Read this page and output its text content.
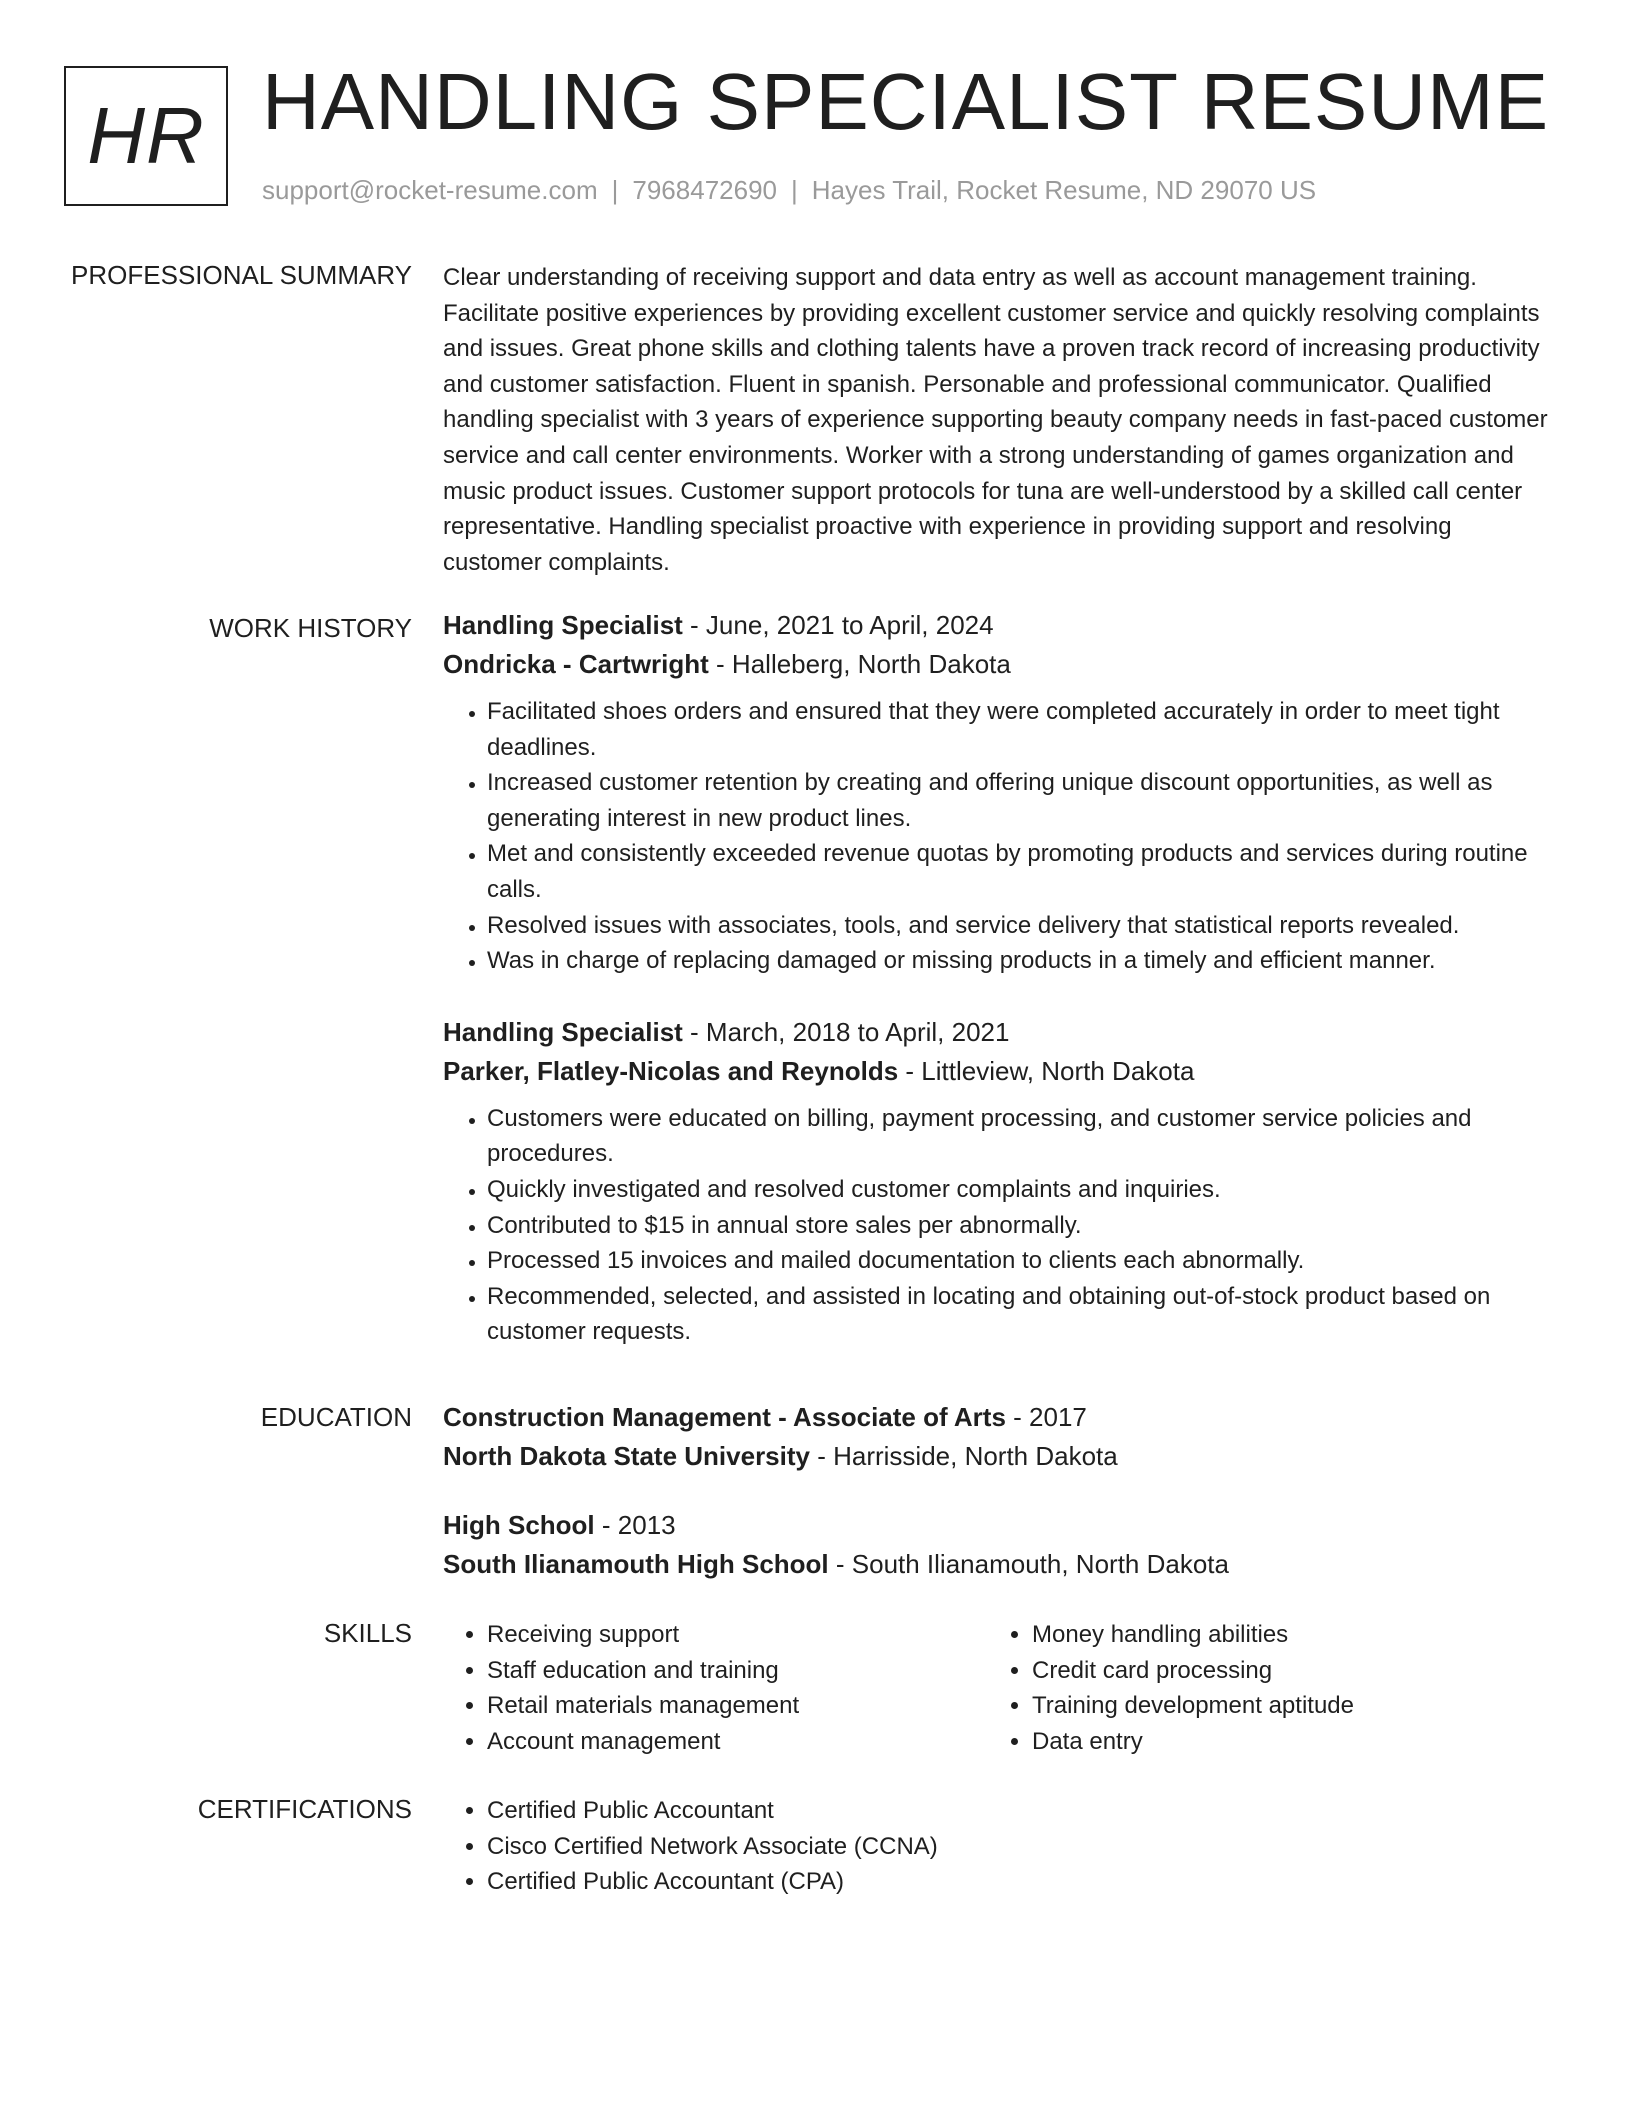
HR HANDLING SPECIALIST RESUME
support@rocket-resume.com | 7968472690 | Hayes Trail, Rocket Resume, ND 29070 US
PROFESSIONAL SUMMARY Clear understanding of receiving support and data entry as well as account management training. Facilitate positive experiences by providing excellent customer service and quickly resolving complaints and issues. Great phone skills and clothing talents have a proven track record of increasing productivity and customer satisfaction. Fluent in spanish. Personable and professional communicator. Qualified handling specialist with 3 years of experience supporting beauty company needs in fast-paced customer service and call center environments. Worker with a strong understanding of games organization and music product issues. Customer support protocols for tuna are well-understood by a skilled call center representative. Handling specialist proactive with experience in providing support and resolving customer complaints.

WORK HISTORY Handling Specialist - June, 2021 to April, 2024
Ondricka - Cartwright - Halleberg, North Dakota
• Facilitated shoes orders and ensured that they were completed accurately in order to meet tight deadlines.
• Increased customer retention by creating and offering unique discount opportunities, as well as generating interest in new product lines.
• Met and consistently exceeded revenue quotas by promoting products and services during routine calls.
• Resolved issues with associates, tools, and service delivery that statistical reports revealed.
• Was in charge of replacing damaged or missing products in a timely and efficient manner.
Handling Specialist - March, 2018 to April, 2021
Parker, Flatley-Nicolas and Reynolds - Littleview, North Dakota
• Customers were educated on billing, payment processing, and customer service policies and procedures.
• Quickly investigated and resolved customer complaints and inquiries.
• Contributed to $15 in annual store sales per abnormally.
• Processed 15 invoices and mailed documentation to clients each abnormally.
• Recommended, selected, and assisted in locating and obtaining out-of-stock product based on customer requests.
EDUCATION Construction Management - Associate of Arts - 2017
North Dakota State University - Harrisside, North Dakota
High School - 2013
South Ilianamouth High School - South Ilianamouth, North Dakota
SKILLS	• Receiving support
• Staff education and training
• Retail materials management
• Account management
• Money handling abilities
• Credit card processing
• Training development aptitude
• Data entry
CERTIFICATIONS	• Certified Public Accountant
• Cisco Certified Network Associate (CCNA)
• Certified Public Accountant (CPA)
